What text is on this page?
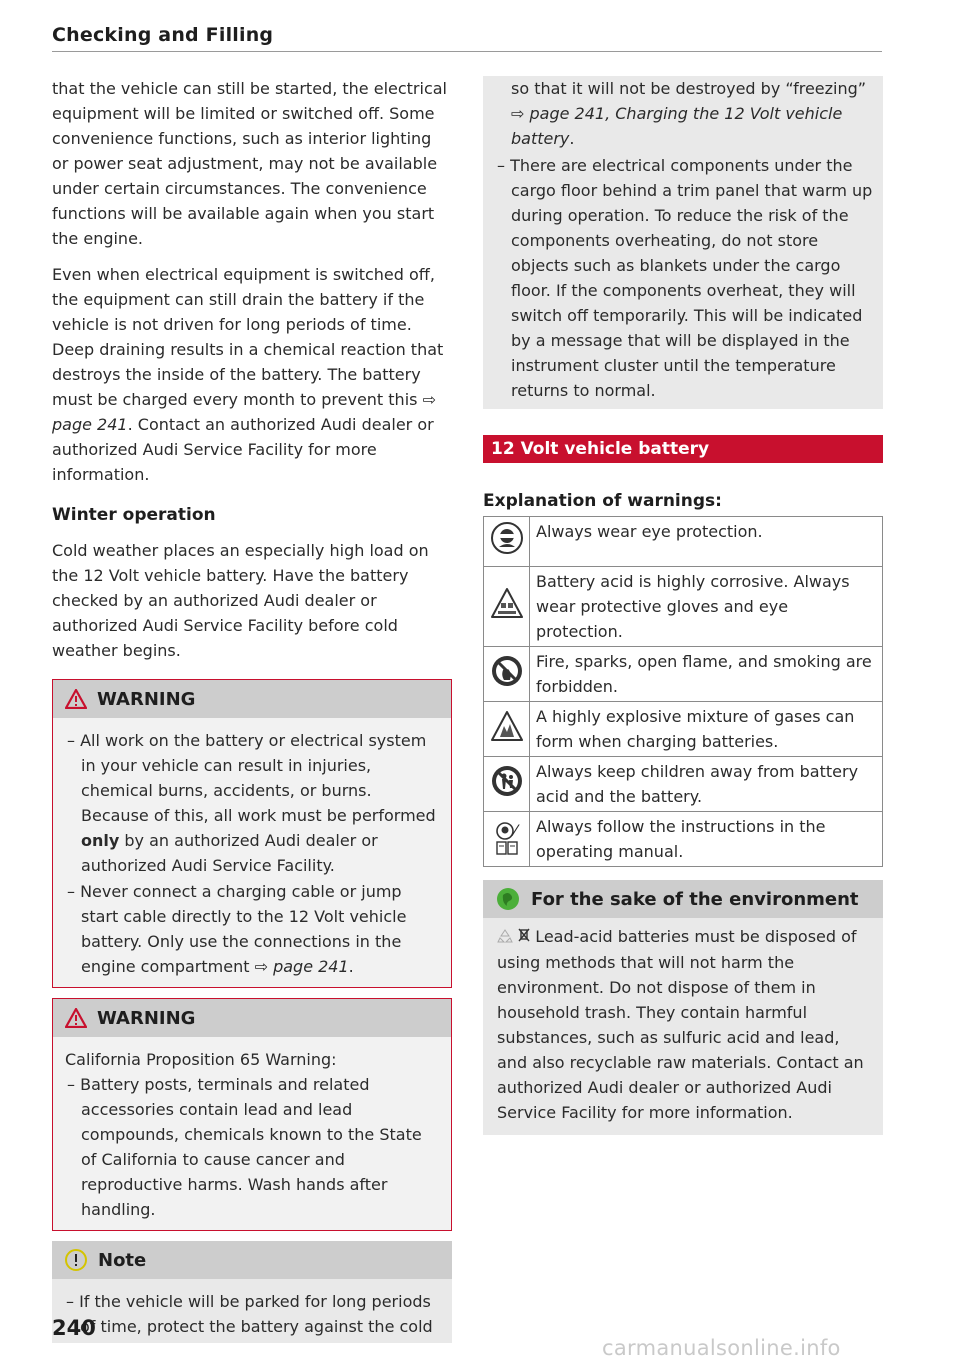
Checking and Filling

that the vehicle can still be started, the electrical equipment will be limited or switched off. Some convenience functions, such as interior lighting or power seat adjustment, may not be available under certain circumstances. The convenience functions will be available again when you start the engine.

Even when electrical equipment is switched off, the equipment can still drain the battery if the vehicle is not driven for long periods of time. Deep draining results in a chemical reaction that destroys the inside of the battery. The battery must be charged every month to prevent this ⇨ page 241. Contact an authorized Audi dealer or authorized Audi Service Facility for more information.

Winter operation

Cold weather places an especially high load on the 12 Volt vehicle battery. Have the battery checked by an authorized Audi dealer or authorized Audi Service Facility before cold weather begins.

WARNING
– All work on the battery or electrical system in your vehicle can result in injuries, chemical burns, accidents, or burns. Because of this, all work must be performed only by an authorized Audi dealer or authorized Audi Service Facility.
– Never connect a charging cable or jump start cable directly to the 12 Volt vehicle battery. Only use the connections in the engine compartment ⇨ page 241.
WARNING

California Proposition 65 Warning:

– Battery posts, terminals and related accessories contain lead and lead compounds, chemicals known to the State of California to cause cancer and reproductive harms. Wash hands after handling.
Note
– If the vehicle will be parked for long periods of time, protect the battery against the cold

so that it will not be destroyed by “freezing” ⇨ page 241, Charging the 12 Volt vehicle battery.

– There are electrical components under the cargo floor behind a trim panel that warm up during operation. To reduce the risk of the components overheating, do not store objects such as blankets under the cargo floor. If the components overheat, they will switch off temporarily. This will be indicated by a message that will be displayed in the instrument cluster until the temperature returns to normal.
12 Volt vehicle battery
Explanation of warnings:
	Always wear eye protection.
	Battery acid is highly corrosive. Always wear protective gloves and eye protection.
	Fire, sparks, open flame, and smoking are forbidden.
	A highly explosive mixture of gases can form when charging batteries.
	Always keep children away from battery acid and the battery.

⁄	Always follow the instructions in the operating manual.
For the sake of the environment

Lead-acid batteries must be disposed of using methods that will not harm the environment. Do not dispose of them in household trash. They contain harmful substances, such as sulfuric acid and lead, and also recyclable raw materials. Contact an authorized Audi dealer or authorized Audi Service Facility for more information.

240
carmanualsonline.info
